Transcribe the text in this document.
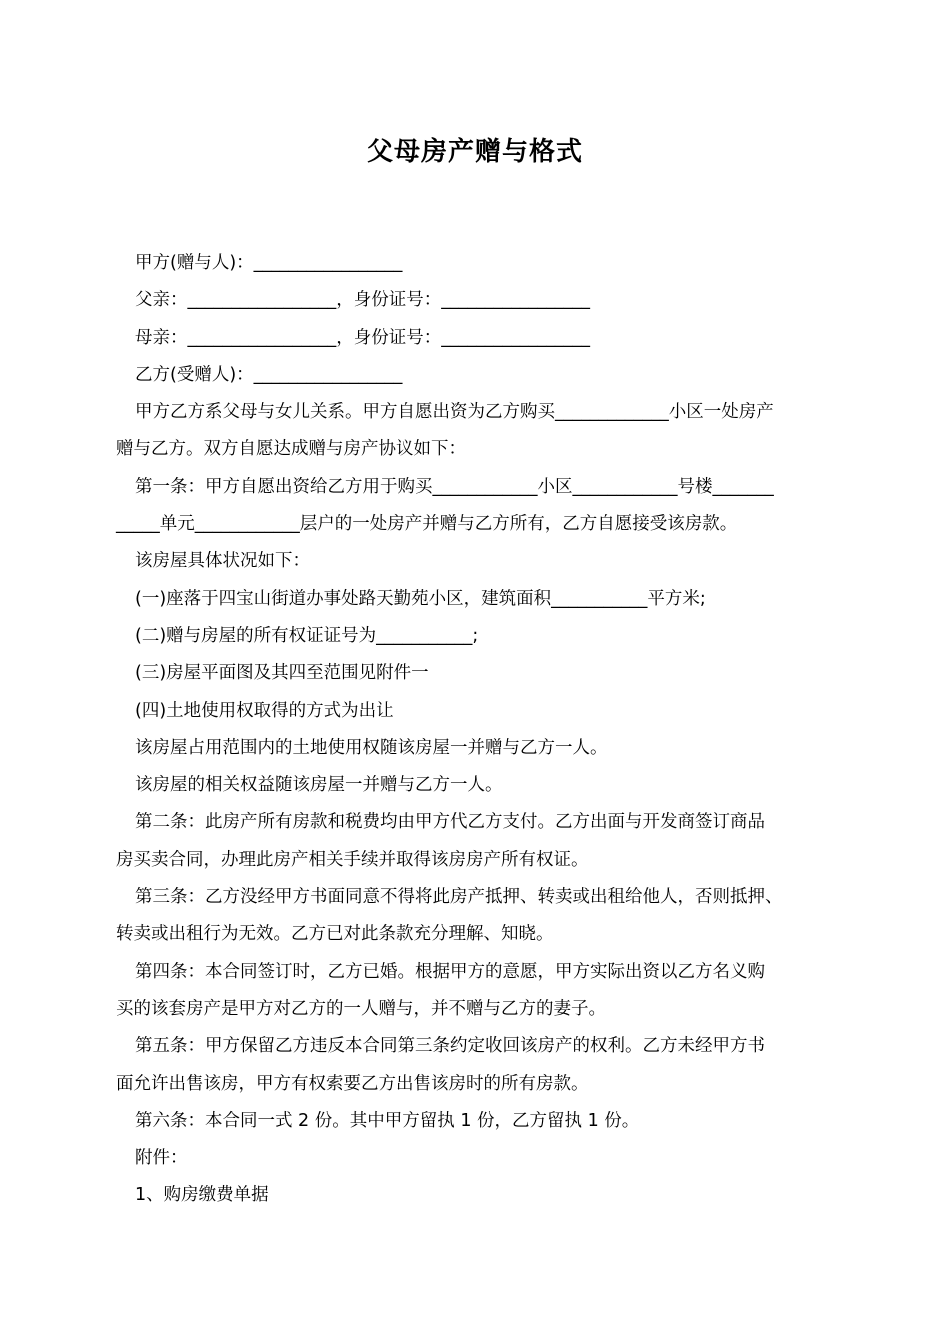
父母房产赠与格式

甲方(赠与人)：_________________

父亲：_________________，身份证号：_________________

母亲：_________________，身份证号：_________________

乙方(受赠人)：_________________

甲方乙方系父母与女儿关系。甲方自愿出资为乙方购买_____________小区一处房产

赠与乙方。双方自愿达成赠与房产协议如下：

第一条：甲方自愿出资给乙方用于购买____________小区____________号楼_______

_____单元____________层户的一处房产并赠与乙方所有，乙方自愿接受该房款。

该房屋具体状况如下：

(一)座落于四宝山街道办事处路天勤苑小区，建筑面积___________平方米;

(二)赠与房屋的所有权证证号为___________;

(三)房屋平面图及其四至范围见附件一

(四)土地使用权取得的方式为出让

该房屋占用范围内的土地使用权随该房屋一并赠与乙方一人。

该房屋的相关权益随该房屋一并赠与乙方一人。

第二条：此房产所有房款和税费均由甲方代乙方支付。乙方出面与开发商签订商品

房买卖合同，办理此房产相关手续并取得该房房产所有权证。

第三条：乙方没经甲方书面同意不得将此房产抵押、转卖或出租给他人，否则抵押、

转卖或出租行为无效。乙方已对此条款充分理解、知晓。

第四条：本合同签订时，乙方已婚。根据甲方的意愿，甲方实际出资以乙方名义购

买的该套房产是甲方对乙方的一人赠与，并不赠与乙方的妻子。

第五条：甲方保留乙方违反本合同第三条约定收回该房产的权利。乙方未经甲方书

面允许出售该房，甲方有权索要乙方出售该房时的所有房款。

第六条：本合同一式 2 份。其中甲方留执 1 份，乙方留执 1 份。

附件：

1、购房缴费单据
